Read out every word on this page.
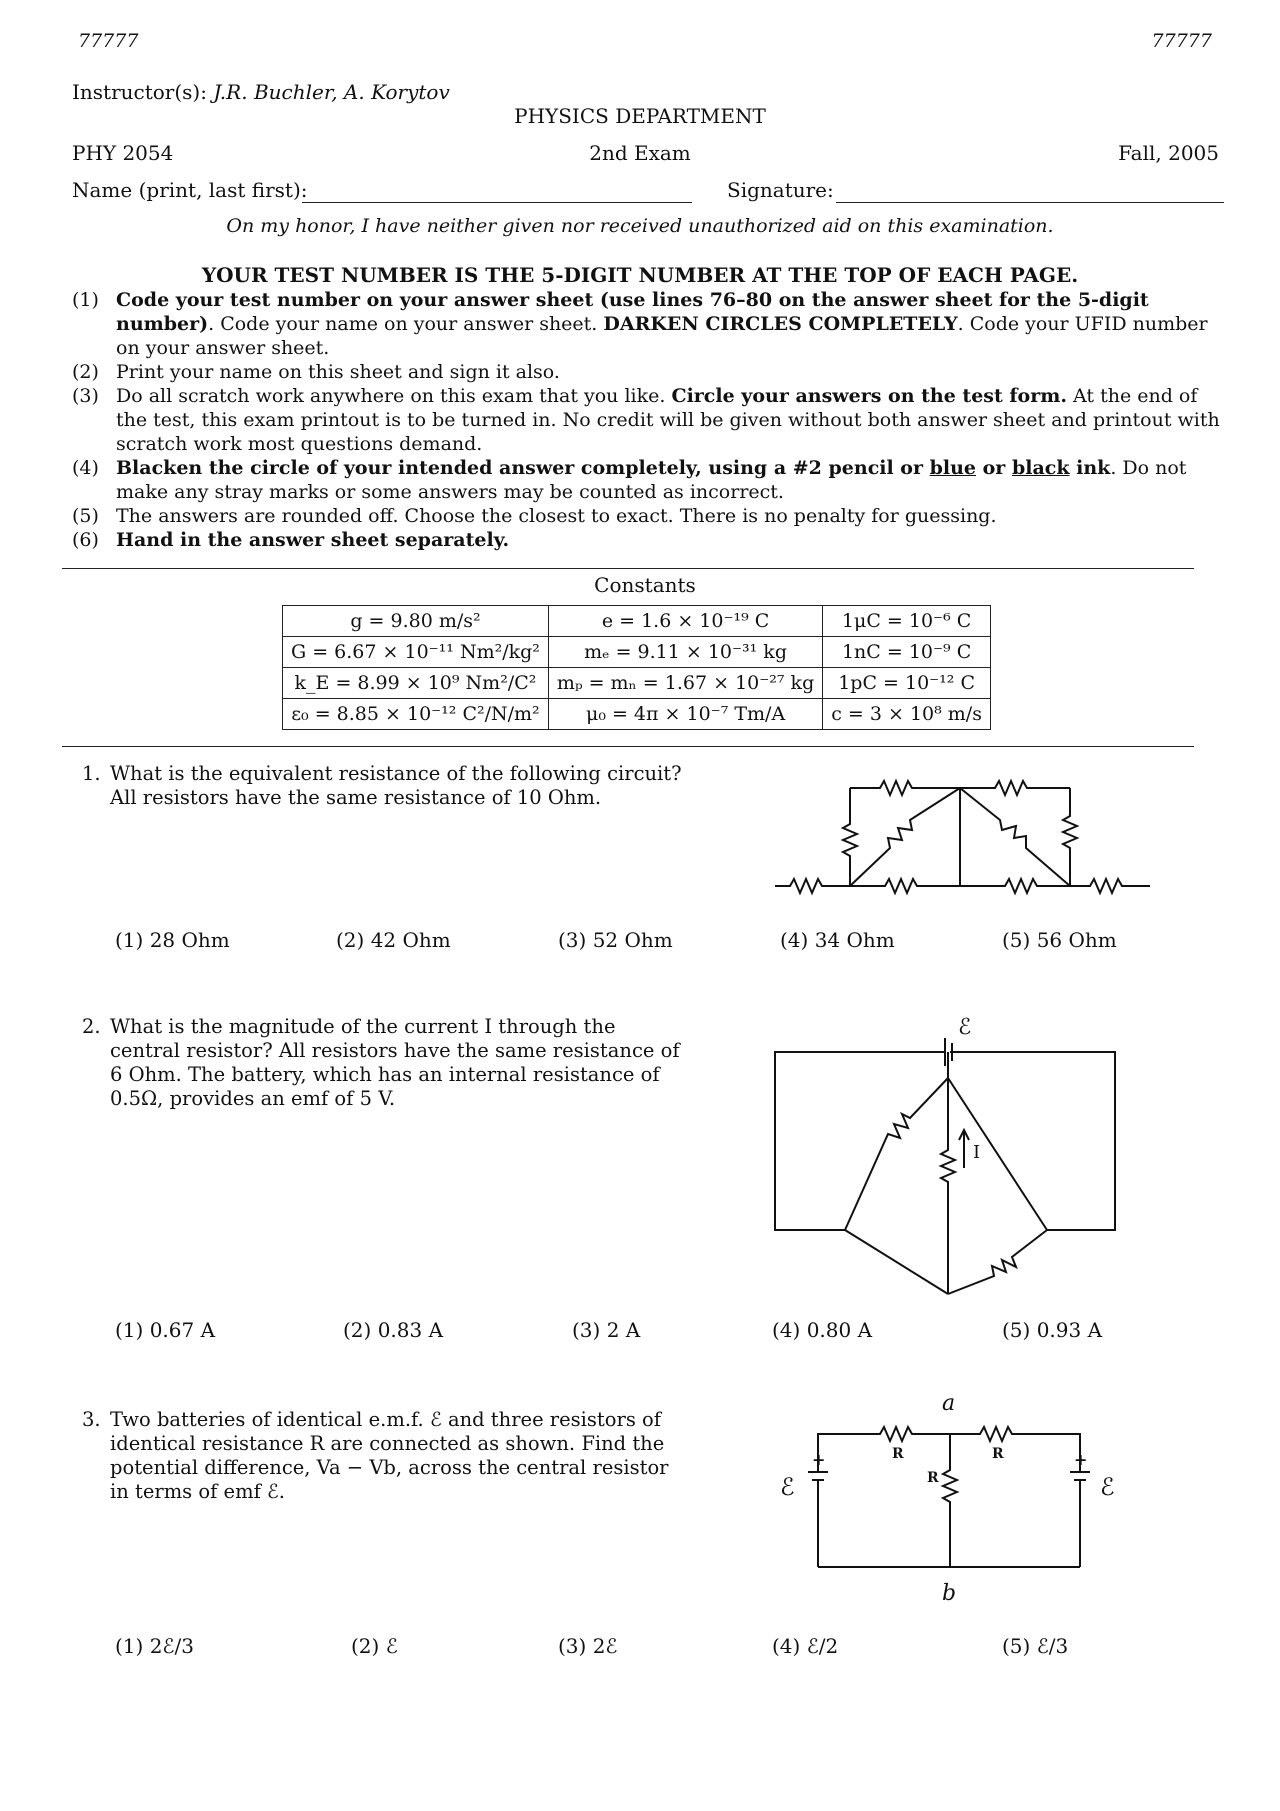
77777	77777
Instructor(s): J.R. Buchler, A. Korytov
PHYSICS DEPARTMENT
PHY 2054	2nd Exam	Fall, 2005
Name (print, last first):	Signature:
On my honor, I have neither given nor received unauthorized aid on this examination.
YOUR TEST NUMBER IS THE 5-DIGIT NUMBER AT THE TOP OF EACH PAGE.
(1) Code your test number on your answer sheet (use lines 76–80 on the answer sheet for the 5-digit number). Code your name on your answer sheet. DARKEN CIRCLES COMPLETELY. Code your UFID number on your answer sheet.
(2) Print your name on this sheet and sign it also.
(3) Do all scratch work anywhere on this exam that you like. Circle your answers on the test form. At the end of the test, this exam printout is to be turned in. No credit will be given without both answer sheet and printout with scratch work most questions demand.
(4) Blacken the circle of your intended answer completely, using a #2 pencil or blue or black ink. Do not make any stray marks or some answers may be counted as incorrect.
(5) The answers are rounded off. Choose the closest to exact. There is no penalty for guessing.
(6) Hand in the answer sheet separately.
Constants
g = 9.80 m/s²	e = 1.6 × 10⁻¹⁹ C	1μC = 10⁻⁶ C
G = 6.67 × 10⁻¹¹ Nm²/kg²	mₑ = 9.11 × 10⁻³¹ kg	1nC = 10⁻⁹ C
k_E = 8.99 × 10⁹ Nm²/C²	mₚ = mₙ = 1.67 × 10⁻²⁷ kg	1pC = 10⁻¹² C
ε₀ = 8.85 × 10⁻¹² C²/N/m²	μ₀ = 4π × 10⁻⁷ Tm/A	c = 3 × 10⁸ m/s
1. What is the equivalent resistance of the following circuit? All resistors have the same resistance of 10 Ohm.
(1) 28 Ohm	(2) 42 Ohm	(3) 52 Ohm	(4) 34 Ohm	(5) 56 Ohm
2. What is the magnitude of the current I through the central resistor? All resistors have the same resistance of 6 Ohm. The battery, which has an internal resistance of 0.5Ω, provides an emf of 5 V.
ℰ
I
(1) 0.67 A	(2) 0.83 A	(3) 2 A	(4) 0.80 A	(5) 0.93 A
3. Two batteries of identical e.m.f. ℰ and three resistors of identical resistance R are connected as shown. Find the potential difference, Va − Vb, across the central resistor in terms of emf ℰ.
a
b
R	R
R
+	+
ℰ	ℰ
(1) 2ℰ/3	(2) ℰ	(3) 2ℰ	(4) ℰ/2	(5) ℰ/3
